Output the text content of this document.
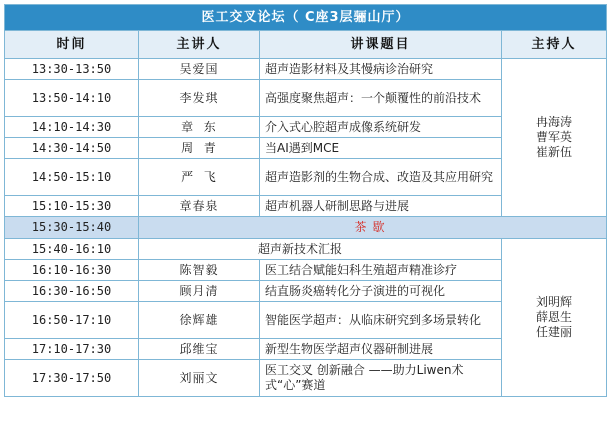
医工交叉论坛（ C座3层骊山厅）			
时间	主讲人	讲课题目	主持人
13:30-13:50	吴爱国	超声造影材料及其慢病诊治研究	冉海涛
曹军英
崔新伍

13:50-14:10	李发琪	高强度聚焦超声：一个颠覆性的前沿技术	
14:10-14:30	章  东	介入式心腔超声成像系统研发	
14:30-14:50	周  青	当AI遇到MCE	
14:50-15:10	严  飞	超声造影剂的生物合成、改造及其应用研究	
15:10-15:30	章春泉	超声机器人研制思路与进展	
15:30-15:40	茶歇		
15:40-16:10	超声新技术汇报		刘明辉
薛恩生
任建丽

16:10-16:30	陈智毅	医工结合赋能妇科生殖超声精准诊疗	
16:30-16:50	顾月清	结直肠炎癌转化分子演进的可视化	
16:50-17:10	徐辉雄	智能医学超声：从临床研究到多场景转化	
17:10-17:30	邱维宝	新型生物医学超声仪器研制进展	
17:30-17:50	刘丽文	医工交叉 创新融合 ——助力Liwen术式“心”赛道	
